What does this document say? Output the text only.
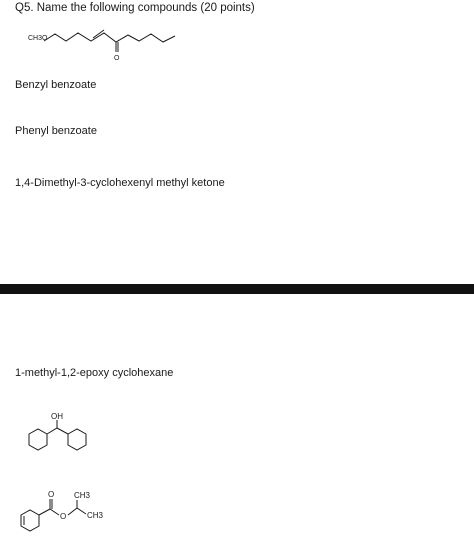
Q5. Name the following compounds (20 points)
CH3O
O
Benzyl benzoate
Phenyl benzoate
1,4-Dimethyl-3-cyclohexenyl methyl ketone
1-methyl-1,2-epoxy cyclohexane
OH
O
O
CH3
CH3
